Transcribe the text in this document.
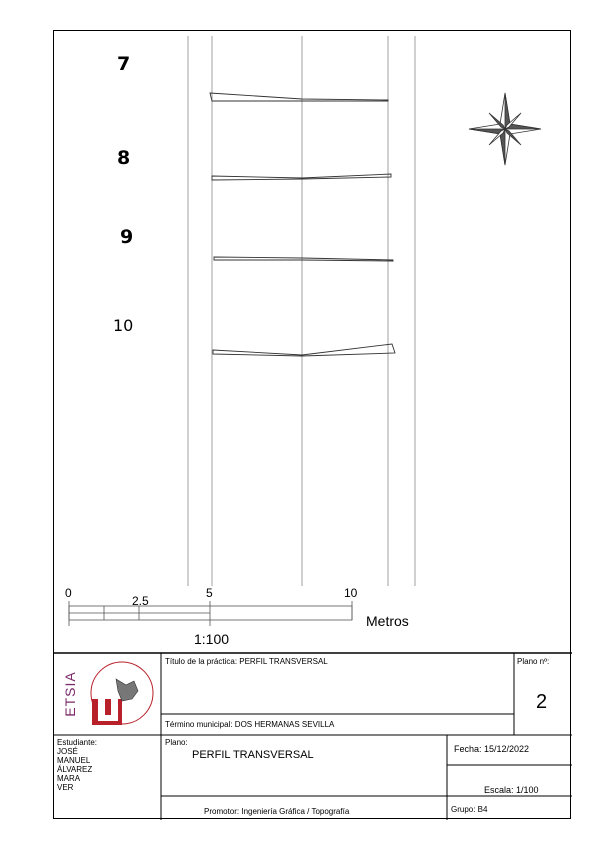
7
8
9
10
0
2.5
5	10
Metros
1:100
ETSIA
Título de la práctica: PERFIL TRANSVERSAL	Plano nº:
2
Término municipal: DOS HERMANAS SEVILLA
Estudiante:
JOSÉ
MANUEL
ÁLVAREZ
MARA
VER
Plano:
PERFIL TRANSVERSAL	Fecha: 15/12/2022
Escala: 1/100
Promotor: Ingeniería Gráfica / Topografía	Grupo: B4
